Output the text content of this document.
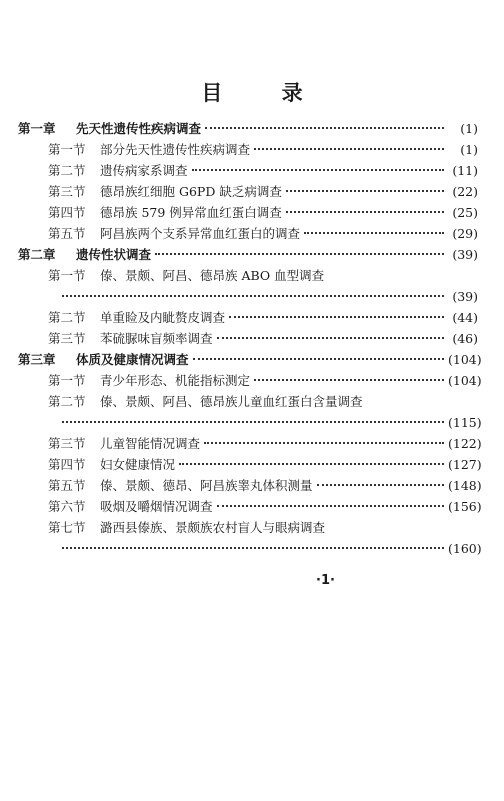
目 录
第一章	先天性遗传性疾病调查	(1)
第一节	部分先天性遗传性疾病调查	(1)
第二节	遗传病家系调查	(11)
第三节	德昂族红细胞 G6PD 缺乏病调查	(22)
第四节	德昂族 579 例异常血红蛋白调查	(25)
第五节	阿昌族两个支系异常血红蛋白的调查	(29)
第二章	遗传性状调查	(39)
第一节	傣、景颇、阿昌、德昂族 ABO 血型调查
(39)
第二节	单重睑及内眦赘皮调查	(44)
第三节	苯硫脲味盲频率调查	(46)
第三章	体质及健康情况调查	(104)
第一节	青少年形态、机能指标测定	(104)
第二节	傣、景颇、阿昌、德昂族儿童血红蛋白含量调查
(115)
第三节	儿童智能情况调查	(122)
第四节	妇女健康情况	(127)
第五节	傣、景颇、德昂、阿昌族睾丸体积测量	(148)
第六节	吸烟及嚼烟情况调查	(156)
第七节	潞西县傣族、景颇族农村盲人与眼病调查
(160)
·1·
